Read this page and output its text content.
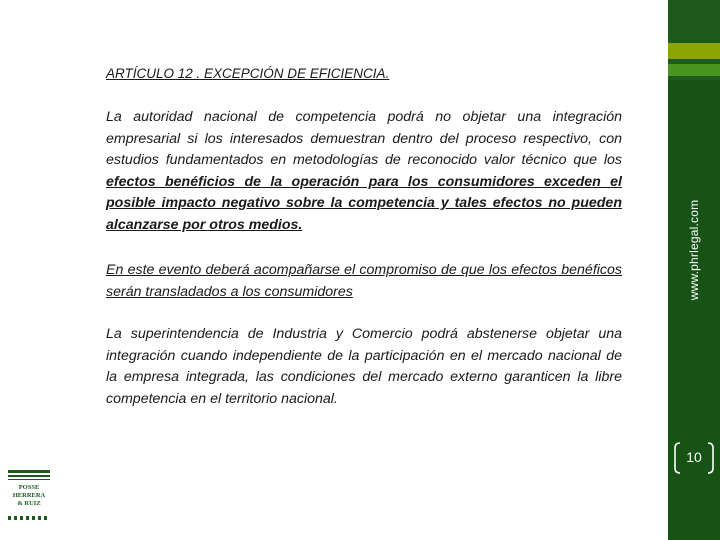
ARTÍCULO 12 . EXCEPCIÓN DE EFICIENCIA.

La autoridad nacional de competencia podrá no objetar una integración empresarial si los interesados demuestran dentro del proceso respectivo, con estudios fundamentados en metodologías de reconocido valor técnico que los efectos benéficios de la operación para los consumidores exceden el posible impacto negativo sobre la competencia y tales efectos no pueden alcanzarse por otros medios.

En este evento deberá acompañarse el compromiso de que los efectos benéficos serán transladados a los consumidores

La superintendencia de Industria y Comercio podrá abstenerse objetar una integración cuando independiente de la participación en el mercado nacional de la empresa integrada, las condiciones del mercado externo garanticen la libre competencia en el territorio nacional.

www.phrlegal.com
10
POSSE
HERRERA
& RUIZ
